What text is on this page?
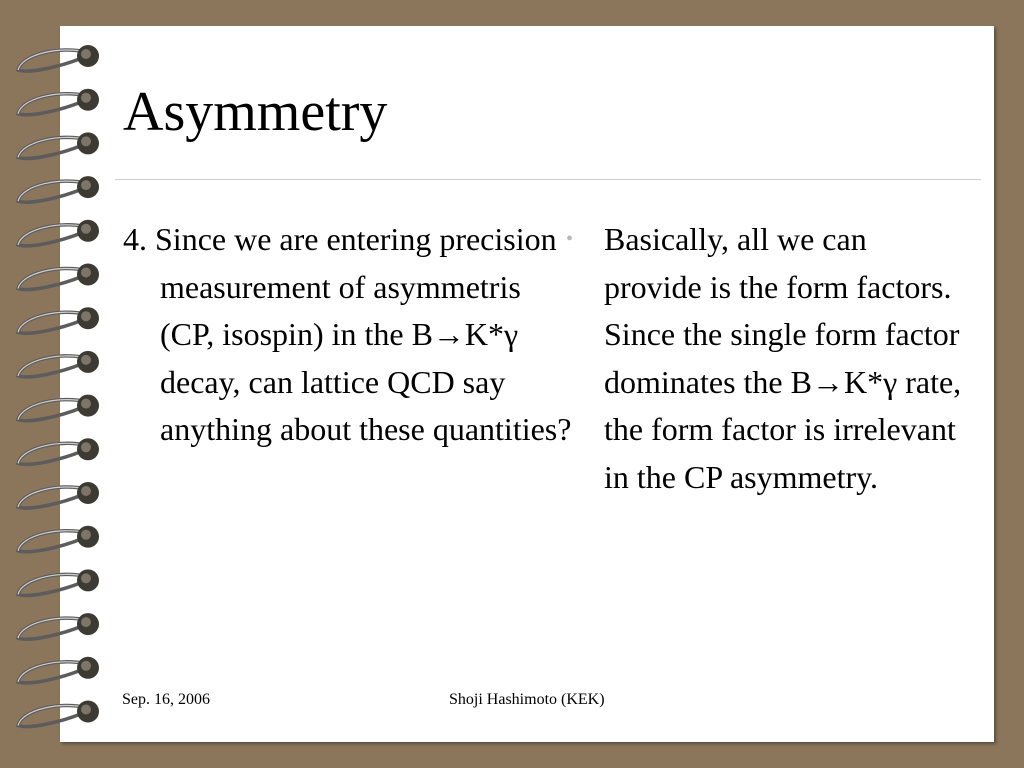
Asymmetry
4. Since we are entering precision measurement of asymmetris (CP, isospin) in the B→K*γ decay, can lattice QCD say anything about these quantities?
• Basically, all we can provide is the form factors. Since the single form factor dominates the B→K*γ rate, the form factor is irrelevant in the CP asymmetry.
Sep. 16, 2006	Shoji Hashimoto (KEK)
